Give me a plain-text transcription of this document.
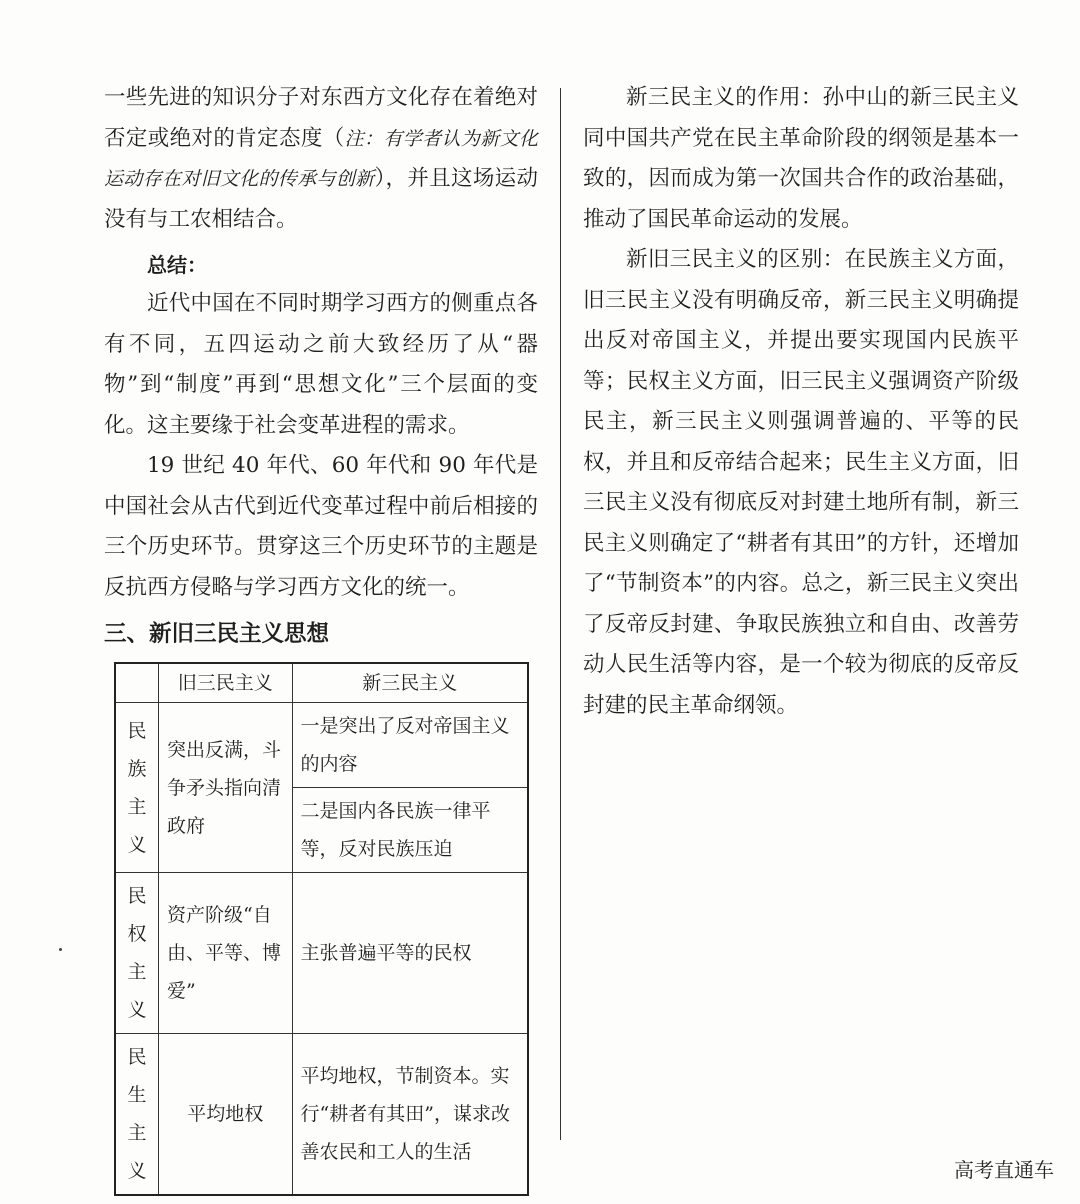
一些先进的知识分子对东西方文化存在着绝对否定或绝对的肯定态度（注：有学者认为新文化运动存在对旧文化的传承与创新），并且这场运动没有与工农相结合。

总结：

近代中国在不同时期学习西方的侧重点各有不同，五四运动之前大致经历了从“器物”到“制度”再到“思想文化”三个层面的变化。这主要缘于社会变革进程的需求。

19 世纪 40 年代、60 年代和 90 年代是中国社会从古代到近代变革过程中前后相接的三个历史环节。贯穿这三个历史环节的主题是反抗西方侵略与学习西方文化的统一。

三、新旧三民主义思想
	旧三民主义	新三民主义
民族主义	突出反满，斗争矛头指向清政府	一是突出了反对帝国主义的内容
		二是国内各民族一律平等，反对民族压迫
民权主义	资产阶级“自由、平等、博爱”	主张普遍平等的民权
民生主义	平均地权	平均地权，节制资本。实行“耕者有其田”，谋求改善农民和工人的生活

新三民主义的作用：孙中山的新三民主义同中国共产党在民主革命阶段的纲领是基本一致的，因而成为第一次国共合作的政治基础，推动了国民革命运动的发展。

新旧三民主义的区别：在民族主义方面，旧三民主义没有明确反帝，新三民主义明确提出反对帝国主义，并提出要实现国内民族平等；民权主义方面，旧三民主义强调资产阶级民主，新三民主义则强调普遍的、平等的民权，并且和反帝结合起来；民生主义方面，旧三民主义没有彻底反对封建土地所有制，新三民主义则确定了“耕者有其田”的方针，还增加了“节制资本”的内容。总之，新三民主义突出了反帝反封建、争取民族独立和自由、改善劳动人民生活等内容，是一个较为彻底的反帝反封建的民主革命纲领。

高考直通车
